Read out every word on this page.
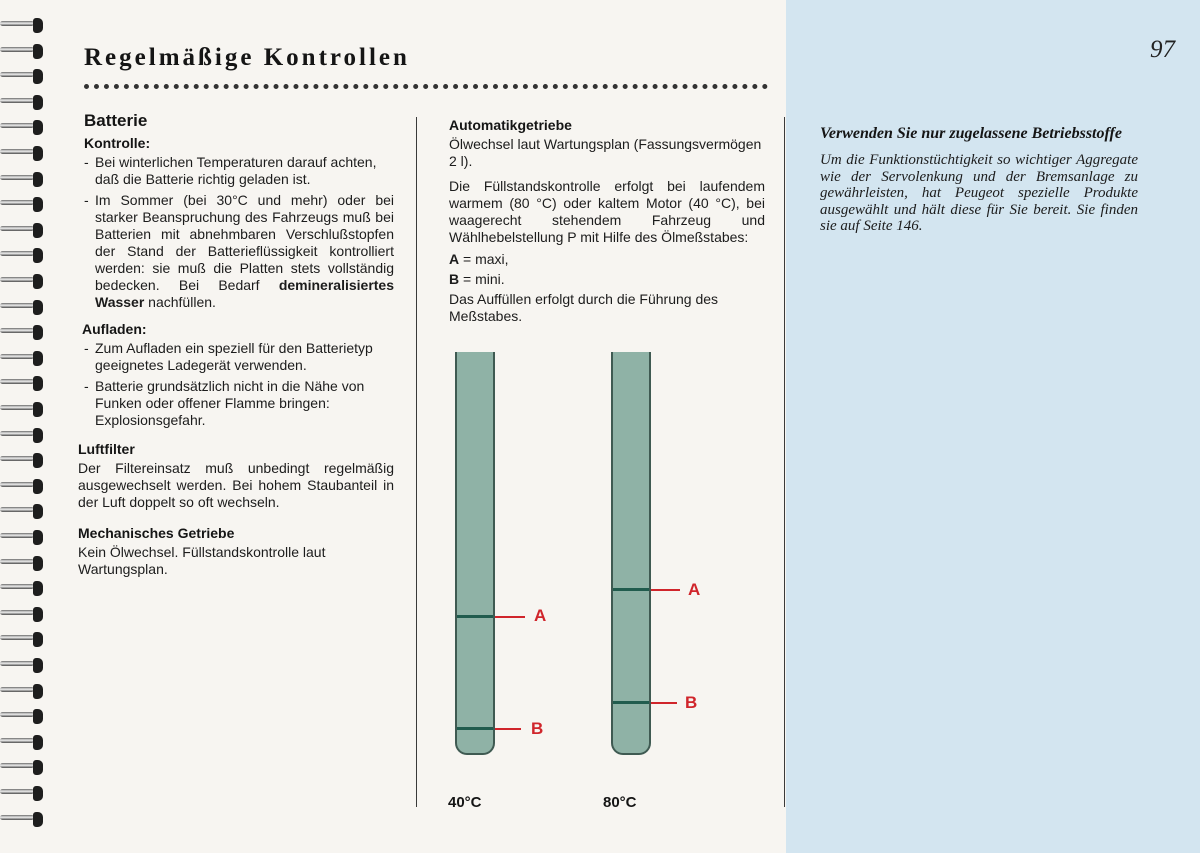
97
Regelmäßige Kontrollen
Batterie
Kontrolle:

- Bei winterlichen Temperaturen darauf achten, daß die Batterie richtig geladen ist.

- Im Sommer (bei 30°C und mehr) oder bei starker Beanspruchung des Fahrzeugs muß bei Batterien mit abnehmbaren Verschlußstopfen der Stand der Batterieflüssigkeit kontrolliert werden: sie muß die Platten stets vollständig bedecken. Bei Bedarf demineralisiertes Wasser nachfüllen.

Aufladen:

- Zum Aufladen ein speziell für den Batterietyp geeignetes Ladegerät verwenden.

- Batterie grundsätzlich nicht in die Nähe von Funken oder offener Flamme bringen: Explosionsgefahr.

Luftfilter

Der Filtereinsatz muß unbedingt regelmäßig ausgewechselt werden. Bei hohem Staubanteil in der Luft doppelt so oft wechseln.

Mechanisches Getriebe

Kein Ölwechsel. Füllstandskontrolle laut Wartungsplan.

Automatikgetriebe

Ölwechsel laut Wartungsplan (Fassungsvermögen 2 l).

Die Füllstandskontrolle erfolgt bei laufendem warmem (80 °C) oder kaltem Motor (40 °C), bei waagerecht stehendem Fahrzeug und Wählhebelstellung P mit Hilfe des Ölmeßstabes:

A = maxi,

B = mini.

Das Auffüllen erfolgt durch die Führung des Meßstabes.

A
B
40°C
A
B
80°C
Verwenden Sie nur zugelassene Betriebsstoffe

Um die Funktionstüchtigkeit so wichtiger Aggregate wie der Servolenkung und der Bremsanlage zu gewährleisten, hat Peugeot spezielle Produkte ausgewählt und hält diese für Sie bereit. Sie finden sie auf Seite 146.
